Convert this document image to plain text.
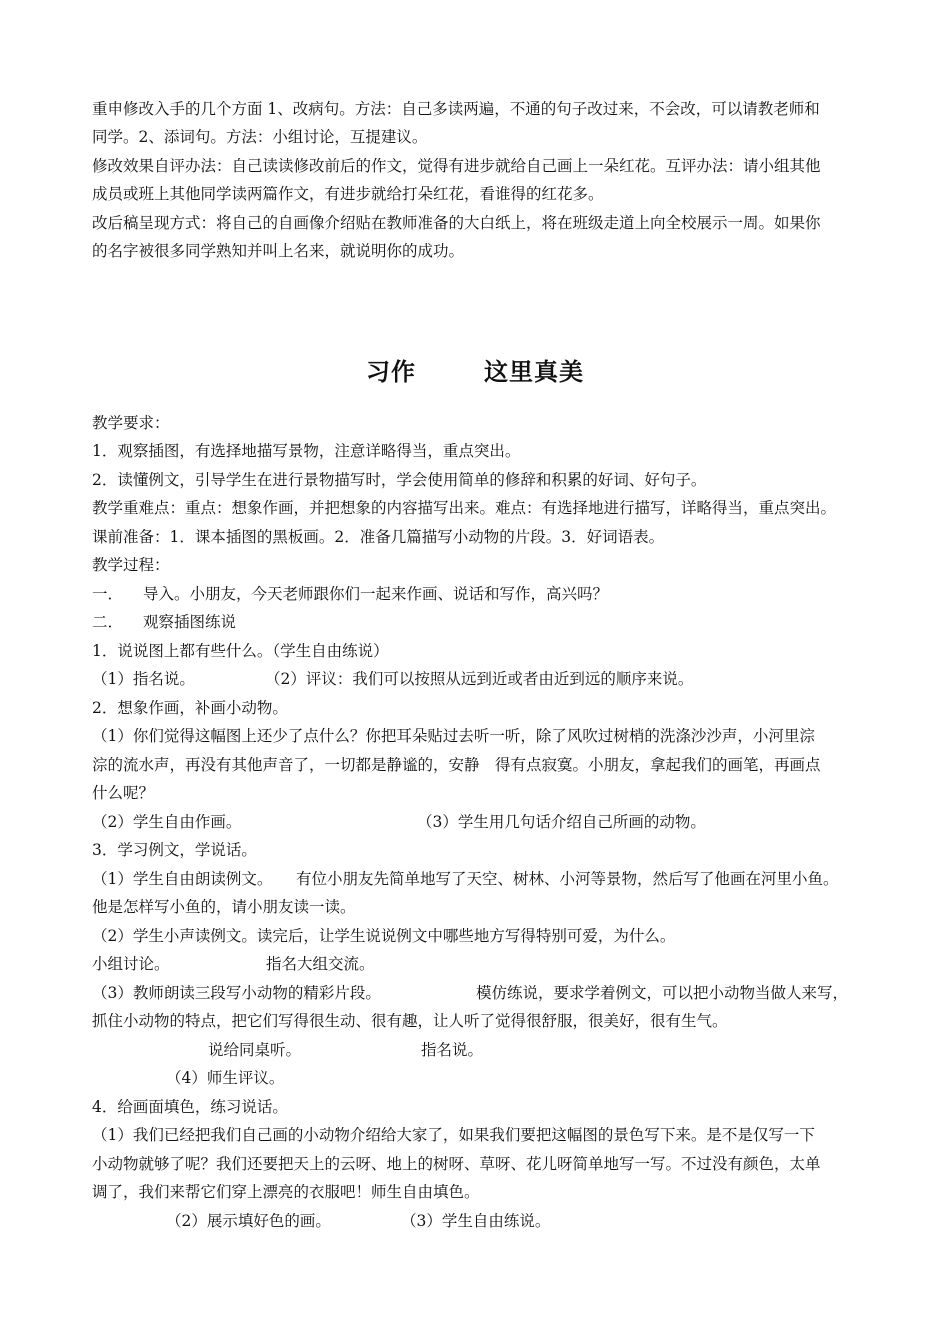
重申修改入手的几个方面 1、改病句。方法：自己多读两遍，不通的句子改过来，不会改，可以请教老师和
同学。2、添词句。方法：小组讨论，互提建议。
修改效果自评办法：自己读读修改前后的作文，觉得有进步就给自己画上一朵红花。互评办法：请小组其他
成员或班上其他同学读两篇作文，有进步就给打朵红花，看谁得的红花多。
改后稿呈现方式：将自己的自画像介绍贴在教师准备的大白纸上，将在班级走道上向全校展示一周。如果你
的名字被很多同学熟知并叫上名来，就说明你的成功。
习作	这里真美
教学要求：
1．观察插图，有选择地描写景物，注意详略得当，重点突出。
2．读懂例文，引导学生在进行景物描写时，学会使用简单的修辞和积累的好词、好句子。
教学重难点：重点：想象作画，并把想象的内容描写出来。难点：有选择地进行描写，详略得当，重点突出。
课前准备：1．课本插图的黑板画。2．准备几篇描写小动物的片段。3．好词语表。
教学过程：
一． 导入。小朋友，今天老师跟你们一起来作画、说话和写作，高兴吗？
二． 观察插图练说
1．说说图上都有些什么。（学生自由练说）
（1）指名说。	（2）评议：我们可以按照从远到近或者由近到远的顺序来说。
2．想象作画，补画小动物。
（1）你们觉得这幅图上还少了点什么？你把耳朵贴过去听一听，除了风吹过树梢的洗涤沙沙声，小河里淙
淙的流水声，再没有其他声音了，一切都是静谧的，安静　得有点寂寞。小朋友，拿起我们的画笔，再画点
什么呢？
（2）学生自由作画。	（3）学生用几句话介绍自己所画的动物。
3．学习例文，学说话。
（1）学生自由朗读例文。 有位小朋友先简单地写了天空、树林、小河等景物，然后写了他画在河里小鱼。
他是怎样写小鱼的，请小朋友读一读。
（2）学生小声读例文。读完后，让学生说说例文中哪些地方写得特别可爱，为什么。
小组讨论。	指名大组交流。
（3）教师朗读三段写小动物的精彩片段。	模仿练说，要求学着例文，可以把小动物当做人来写，
抓住小动物的特点，把它们写得很生动、很有趣，让人听了觉得很舒服，很美好，很有生气。
说给同桌听。	指名说。
（4）师生评议。
4．给画面填色，练习说话。
（1）我们已经把我们自己画的小动物介绍给大家了，如果我们要把这幅图的景色写下来。是不是仅写一下
小动物就够了呢？我们还要把天上的云呀、地上的树呀、草呀、花儿呀简单地写一写。不过没有颜色，太单
调了，我们来帮它们穿上漂亮的衣服吧！师生自由填色。
（2）展示填好色的画。	（3）学生自由练说。
